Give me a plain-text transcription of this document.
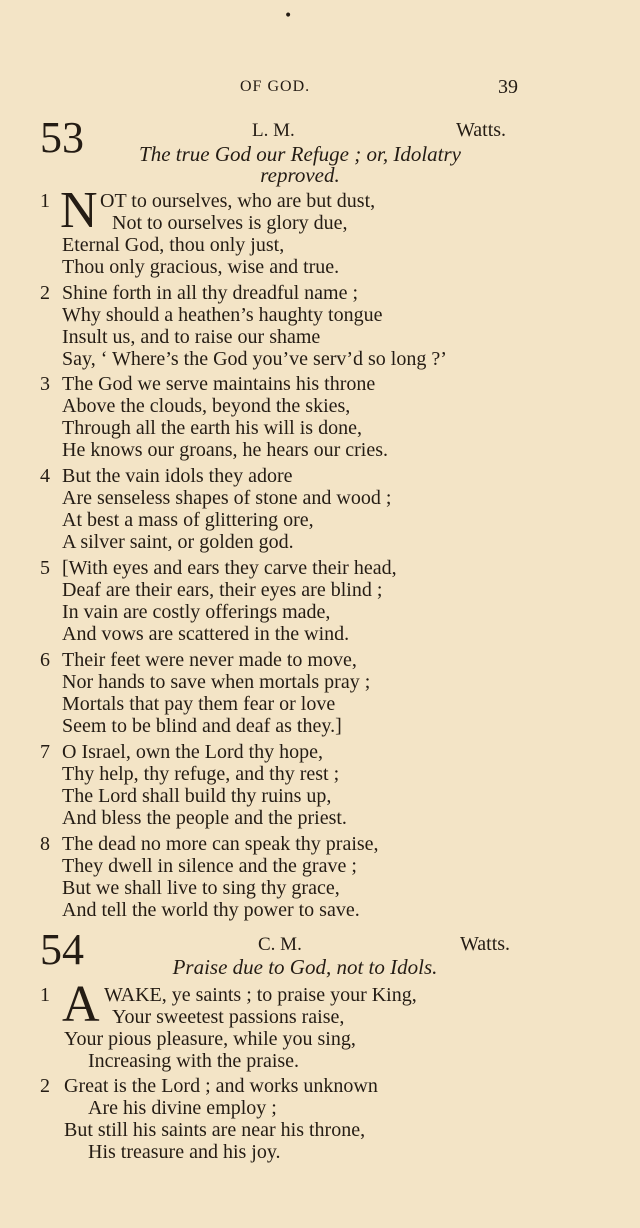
•
OF GOD.	39
53	L. M.	Watts.
The true God our Refuge ; or, Idolatry
reproved.
1 N OT to ourselves, who are but dust,
Not to ourselves is glory due,
Eternal God, thou only just,
Thou only gracious, wise and true.
2 Shine forth in all thy dreadful name ;
Why should a heathen’s haughty tongue
Insult us, and to raise our shame
Say, ‘ Where’s the God you’ve serv’d so long ?’
3 The God we serve maintains his throne
Above the clouds, beyond the skies,
Through all the earth his will is done,
He knows our groans, he hears our cries.
4 But the vain idols they adore
Are senseless shapes of stone and wood ;
At best a mass of glittering ore,
A silver saint, or golden god.
5 [With eyes and ears they carve their head,
Deaf are their ears, their eyes are blind ;
In vain are costly offerings made,
And vows are scattered in the wind.
6 Their feet were never made to move,
Nor hands to save when mortals pray ;
Mortals that pay them fear or love
Seem to be blind and deaf as they.]
7 O Israel, own the Lord thy hope,
Thy help, thy refuge, and thy rest ;
The Lord shall build thy ruins up,
And bless the people and the priest.
8 The dead no more can speak thy praise,
They dwell in silence and the grave ;
But we shall live to sing thy grace,
And tell the world thy power to save.
54	C. M.	Watts.
Praise due to God, not to Idols.
1 A WAKE, ye saints ; to praise your King,
Your sweetest passions raise,
Your pious pleasure, while you sing,
Increasing with the praise.
2 Great is the Lord ; and works unknown
Are his divine employ ;
But still his saints are near his throne,
His treasure and his joy.
